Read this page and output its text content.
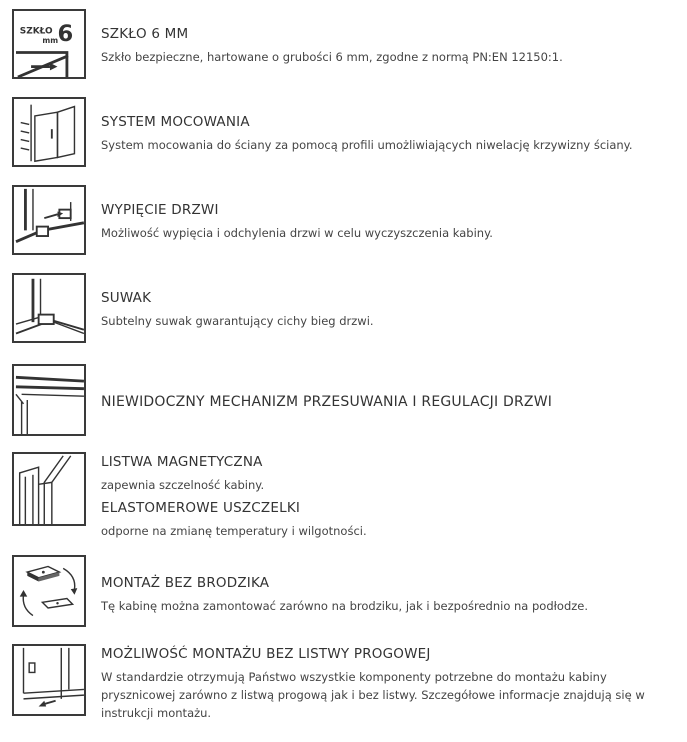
SZKŁO 6
mm	SZKŁO 6 MM
Szkło bezpieczne, hartowane o grubości 6 mm, zgodne z normą PN:EN 12150:1.
SYSTEM MOCOWANIA
System mocowania do ściany za pomocą profili umożliwiających niwelację krzywizny ściany.
WYPIĘCIE DRZWI
Możliwość wypięcia i odchylenia drzwi w celu wyczyszczenia kabiny.
SUWAK
Subtelny suwak gwarantujący cichy bieg drzwi.
NIEWIDOCZNY MECHANIZM PRZESUWANIA I REGULACJI DRZWI
LISTWA MAGNETYCZNA
zapewnia szczelność kabiny.
ELASTOMEROWE USZCZELKI
odporne na zmianę temperatury i wilgotności.
MONTAŻ BEZ BRODZIKA
Tę kabinę można zamontować zarówno na brodziku, jak i bezpośrednio na podłodze.
MOŻLIWOŚĆ MONTAŻU BEZ LISTWY PROGOWEJ
W standardzie otrzymują Państwo wszystkie komponenty potrzebne do montażu kabiny prysznicowej zarówno z listwą progową jak i bez listwy. Szczegółowe informacje znajdują się w instrukcji montażu.
